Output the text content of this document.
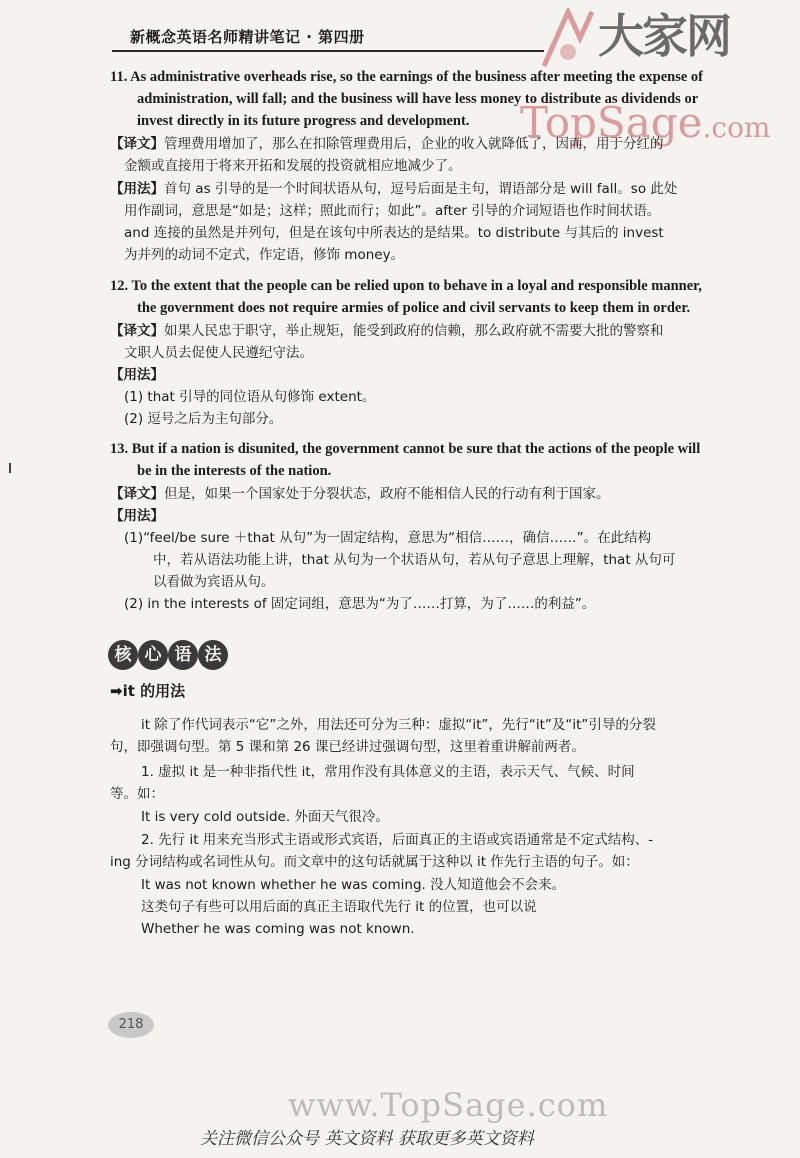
新概念英语名师精讲笔记 · 第四册	大家网
TopSage.com
11. As administrative overheads rise, so the earnings of the business after meeting the expense of
administration, will fall; and the business will have less money to distribute as dividends or
invest directly in its future progress and development.
【译文】管理费用增加了，那么在扣除管理费用后，企业的收入就降低了，因而，用于分红的
金额或直接用于将来开拓和发展的投资就相应地减少了。
【用法】首句 as 引导的是一个时间状语从句，逗号后面是主句，谓语部分是 will fall。so 此处
用作副词，意思是“如是；这样；照此而行；如此”。after 引导的介词短语也作时间状语。
and 连接的虽然是并列句，但是在该句中所表达的是结果。to distribute 与其后的 invest
为并列的动词不定式，作定语，修饰 money。
12. To the extent that the people can be relied upon to behave in a loyal and responsible manner,
the government does not require armies of police and civil servants to keep them in order.
【译文】如果人民忠于职守，举止规矩，能受到政府的信赖，那么政府就不需要大批的警察和
文职人员去促使人民遵纪守法。
【用法】
(1) that 引导的同位语从句修饰 extent。
(2) 逗号之后为主句部分。
13. But if a nation is disunited, the government cannot be sure that the actions of the people will
be in the interests of the nation.
【译文】但是，如果一个国家处于分裂状态，政府不能相信人民的行动有利于国家。
【用法】
(1)“feel/be sure ＋that 从句”为一固定结构，意思为“相信……，确信……”。在此结构
中，若从语法功能上讲，that 从句为一个状语从句，若从句子意思上理解，that 从句可
以看做为宾语从句。
(2) in the interests of 固定词组，意思为“为了……打算，为了……的利益”。
核 心 语 法
➡it 的用法
it 除了作代词表示“它”之外，用法还可分为三种：虚拟“it”，先行“it”及“it”引导的分裂
句，即强调句型。第 5 课和第 26 课已经讲过强调句型，这里着重讲解前两者。
1. 虚拟 it 是一种非指代性 it，常用作没有具体意义的主语，表示天气、气候、时间
等。如：
It is very cold outside. 外面天气很冷。
2. 先行 it 用来充当形式主语或形式宾语，后面真正的主语或宾语通常是不定式结构、-
ing 分词结构或名词性从句。而文章中的这句话就属于这种以 it 作先行主语的句子。如：
It was not known whether he was coming. 没人知道他会不会来。
这类句子有些可以用后面的真正主语取代先行 it 的位置，也可以说
Whether he was coming was not known.
218
www.TopSage.com
关注微信公众号 英文资料 获取更多英文资料
